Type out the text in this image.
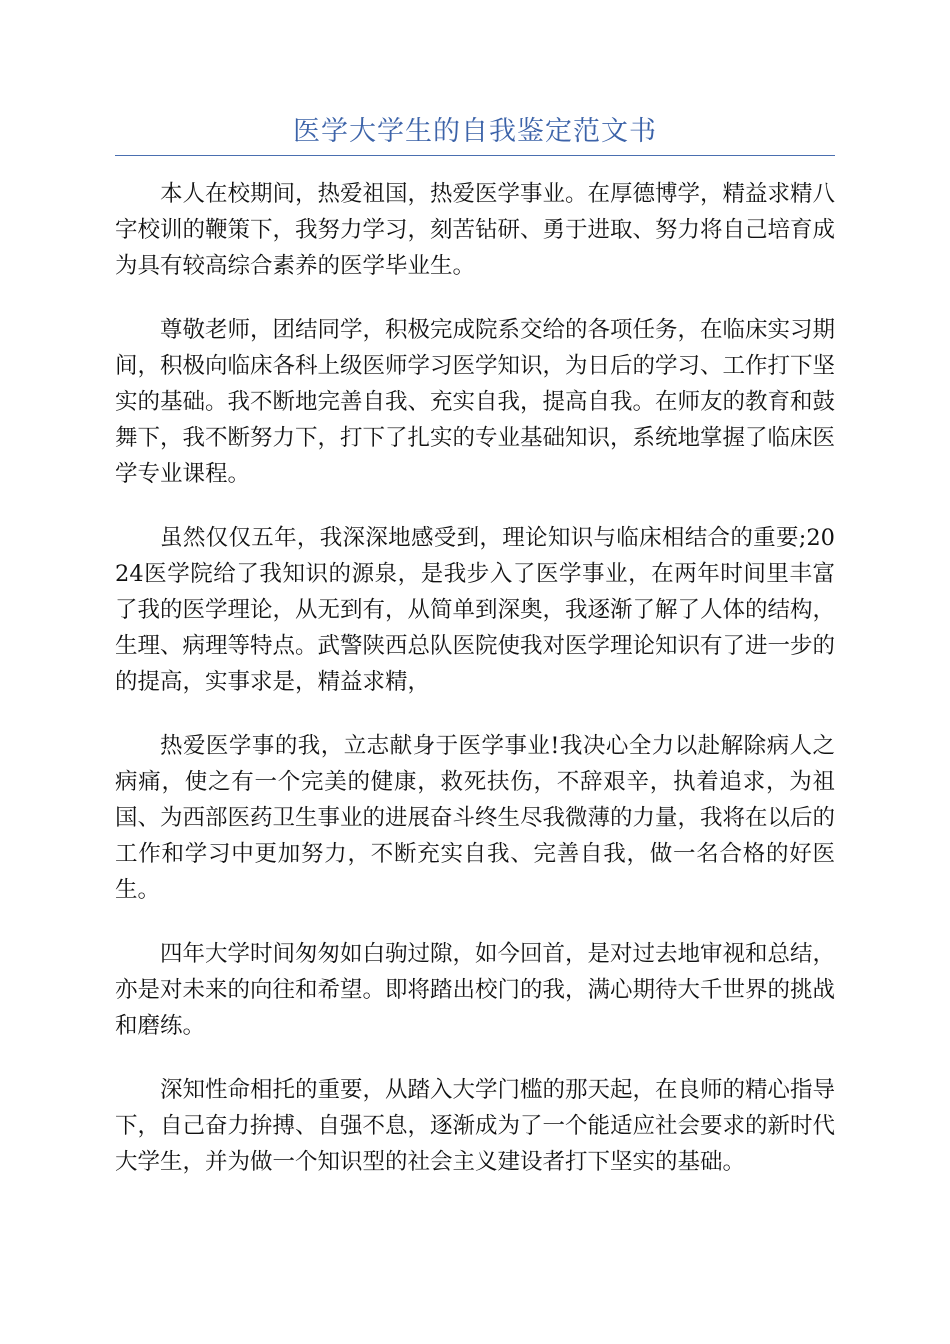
医学大学生的自我鉴定范文书

本人在校期间，热爱祖国，热爱医学事业。在厚德博学，精益求精八字校训的鞭策下，我努力学习，刻苦钻研、勇于进取、努力将自己培育成为具有较高综合素养的医学毕业生。

尊敬老师，团结同学，积极完成院系交给的各项任务，在临床实习期间，积极向临床各科上级医师学习医学知识，为日后的学习、工作打下坚实的基础。我不断地完善自我、充实自我，提高自我。在师友的教育和鼓舞下，我不断努力下，打下了扎实的专业基础知识，系统地掌握了临床医学专业课程。

虽然仅仅五年，我深深地感受到，理论知识与临床相结合的重要;2024医学院给了我知识的源泉，是我步入了医学事业，在两年时间里丰富了我的医学理论，从无到有，从简单到深奥，我逐渐了解了人体的结构，生理、病理等特点。武警陕西总队医院使我对医学理论知识有了进一步的的提高，实事求是，精益求精，

热爱医学事的我，立志献身于医学事业!我决心全力以赴解除病人之病痛，使之有一个完美的健康，救死扶伤，不辞艰辛，执着追求，为祖国、为西部医药卫生事业的进展奋斗终生尽我微薄的力量，我将在以后的工作和学习中更加努力，不断充实自我、完善自我，做一名合格的好医生。

四年大学时间匆匆如白驹过隙，如今回首，是对过去地审视和总结，亦是对未来的向往和希望。即将踏出校门的我，满心期待大千世界的挑战和磨练。

深知性命相托的重要，从踏入大学门槛的那天起，在良师的精心指导下，自己奋力拚搏、自强不息，逐渐成为了一个能适应社会要求的新时代大学生，并为做一个知识型的社会主义建设者打下坚实的基础。
